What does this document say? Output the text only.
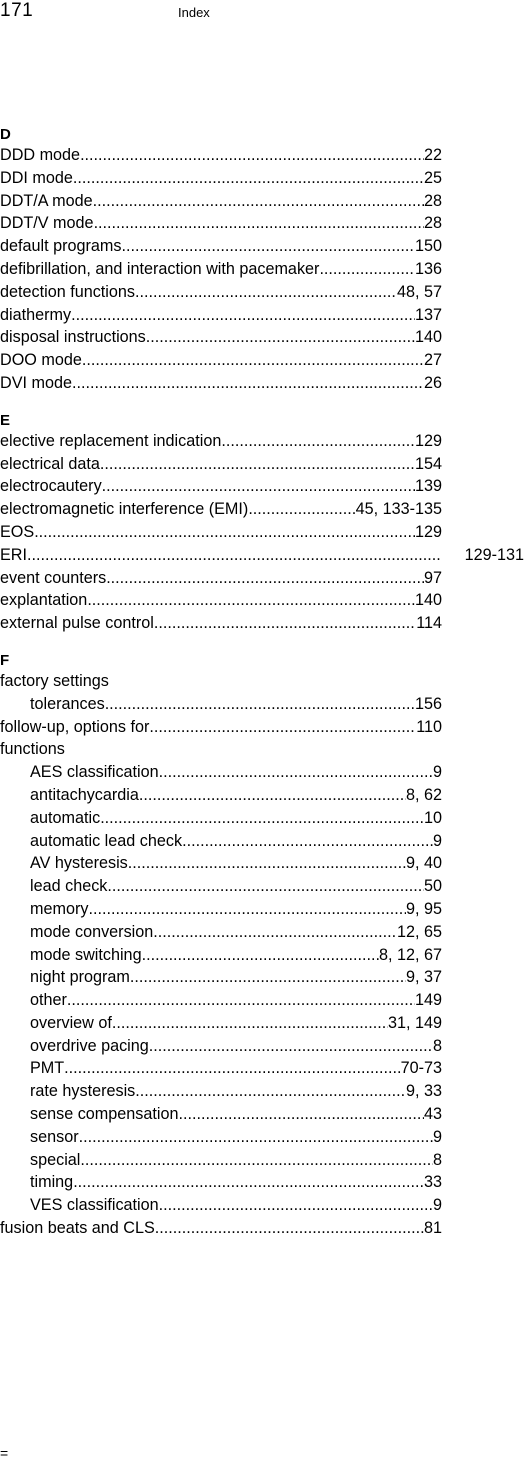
171	Index
D
DDD mode .....	22
DDI mode .....	25
DDT/A mode .....	28
DDT/V mode .....	28
default programs .....	150
defibrillation, and interaction with pacemaker .....	136
detection functions .....	48, 57
diathermy .....	137
disposal instructions .....	140
DOO mode .....	27
DVI mode .....	26
E
elective replacement indication .....	129
electrical data .....	154
electrocautery .....	139
electromagnetic interference (EMI) .....	45, 133-135
EOS .....	129
ERI .....	129-131
event counters .....	97
explantation .....	140
external pulse control .....	114
F
factory settings
tolerances .....	156
follow-up, options for .....	110
functions
AES classification .....	9
antitachycardia .....	8, 62
automatic .....	10
automatic lead check .....	9
AV hysteresis .....	9, 40
lead check .....	50
memory .....	9, 95
mode conversion .....	12, 65
mode switching .....	8, 12, 67
night program .....	9, 37
other .....	149
overview of .....	31, 149
overdrive pacing .....	8
PMT .....	70-73
rate hysteresis .....	9, 33
sense compensation .....	43
sensor .....	9
special .....	8
timing .....	33
VES classification .....	9
fusion beats and CLS .....	81
=
